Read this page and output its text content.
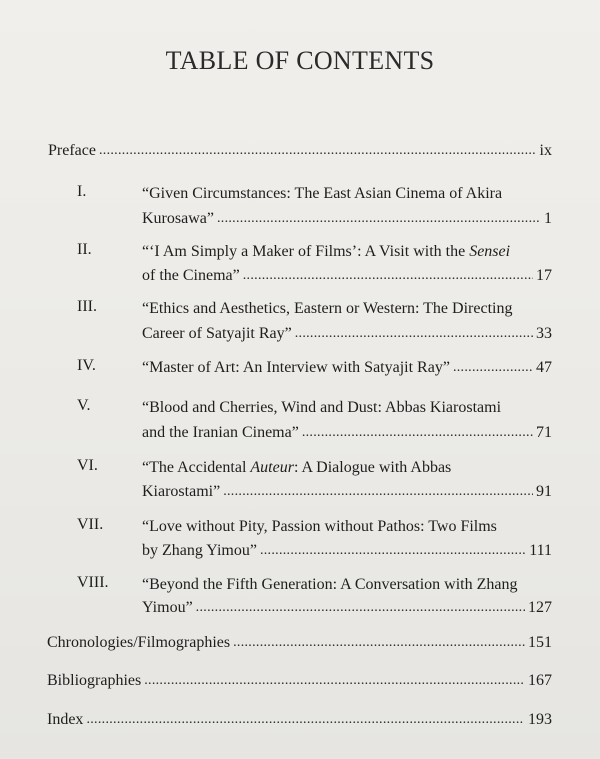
TABLE OF CONTENTS
Preface . . .	ix
I.	“Given Circumstances: The East Asian Cinema of Akira
Kurosawa” . . .	1
II.	“‘I Am Simply a Maker of Films’: A Visit with the Sensei
of the Cinema” . . .	17
III.	“Ethics and Aesthetics, Eastern or Western: The Directing
Career of Satyajit Ray” . . .	33
IV.	“Master of Art: An Interview with Satyajit Ray” . . .	47
V.	“Blood and Cherries, Wind and Dust: Abbas Kiarostami
and the Iranian Cinema” . . .	71
VI.	“The Accidental Auteur: A Dialogue with Abbas
Kiarostami” . . .	91
VII. “Love without Pity, Passion without Pathos: Two Films
by Zhang Yimou” . . .	111
VIII. “Beyond the Fifth Generation: A Conversation with Zhang
Yimou” . . .	127
Chronologies/Filmographies . . .	151
Bibliographies . . .	167
Index . . .	193
